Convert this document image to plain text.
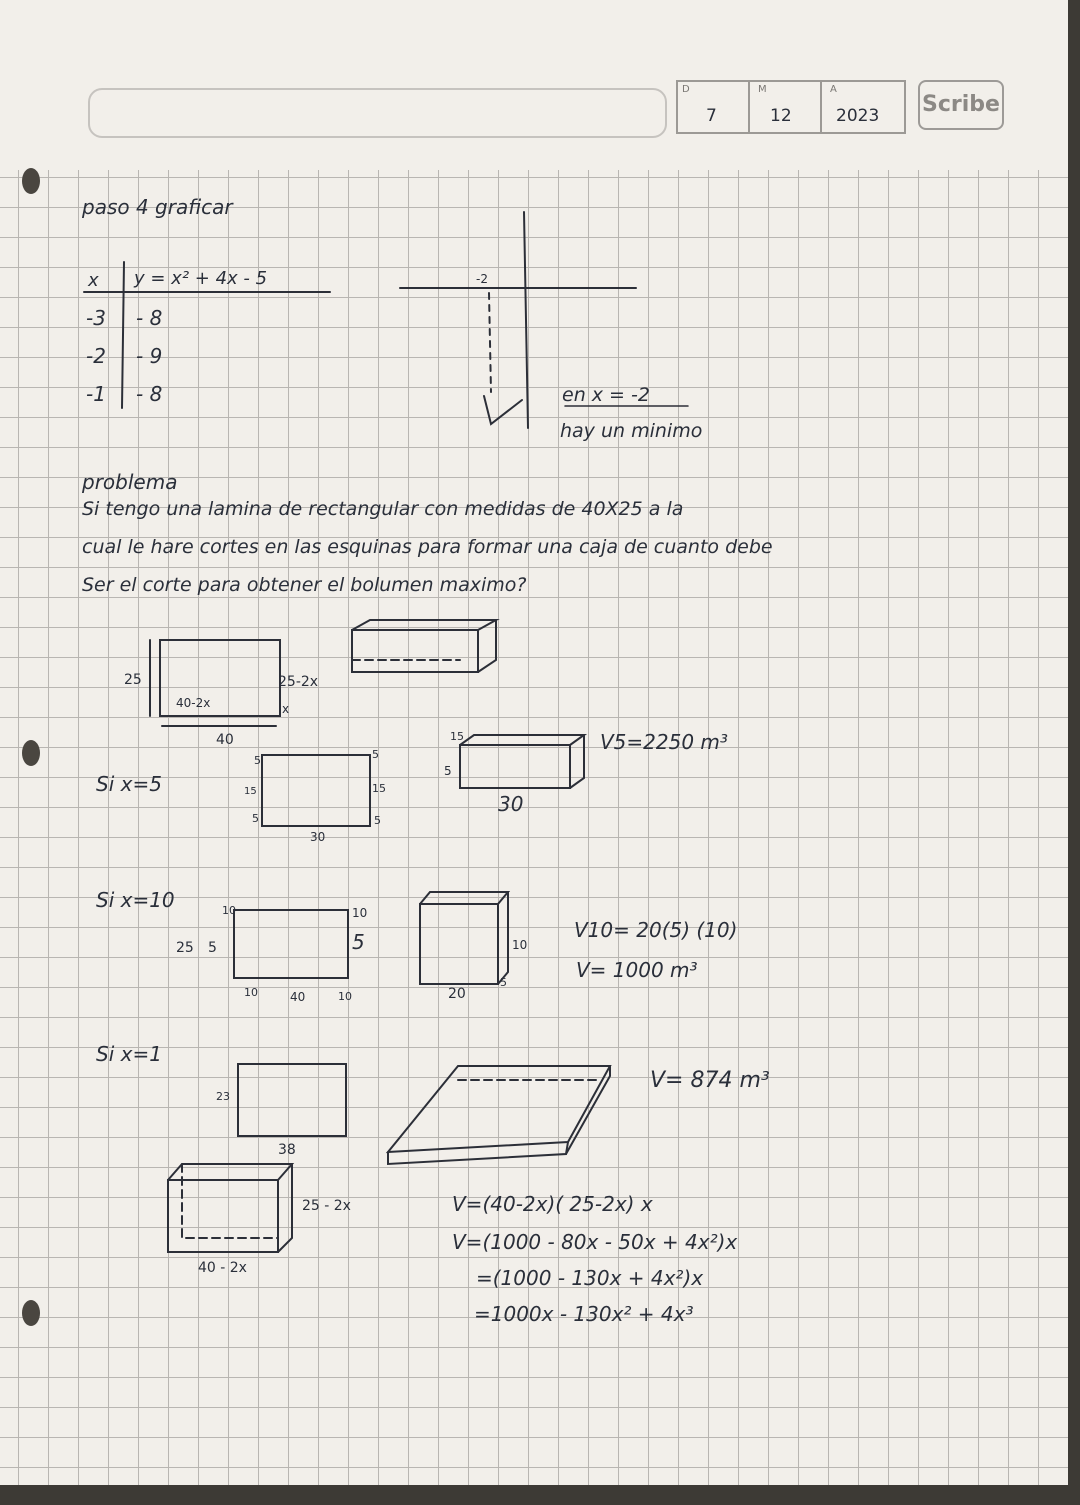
D
7
M
12
A
2023 Scribe
paso 4 graficar
x y = x² + 4x - 5
-3 - 8
-2 - 9
-1 - 8
-2
en x = -2
hay un minimo
problema
Si tengo una lamina de rectangular con medidas de 40X25 a la
cual le hare cortes en las esquinas para formar una caja de cuanto debe
Ser el corte para obtener el bolumen maximo?
25
40-2x
25-2x
x
40
Si x=5
5	5
15	15
5	5
30
15
5
30
V5=2250 m³
Si x=10	10	10
25 5	5
10	40	10
10
20
5
V10= 20(5) (10)
V= 1000 m³
Si x=1
23
38
V= 874 m³
25 - 2x
40 - 2x
V=(40-2x)( 25-2x) x
V=(1000 - 80x - 50x + 4x²)x
=(1000 - 130x + 4x²)x
=1000x - 130x² + 4x³
